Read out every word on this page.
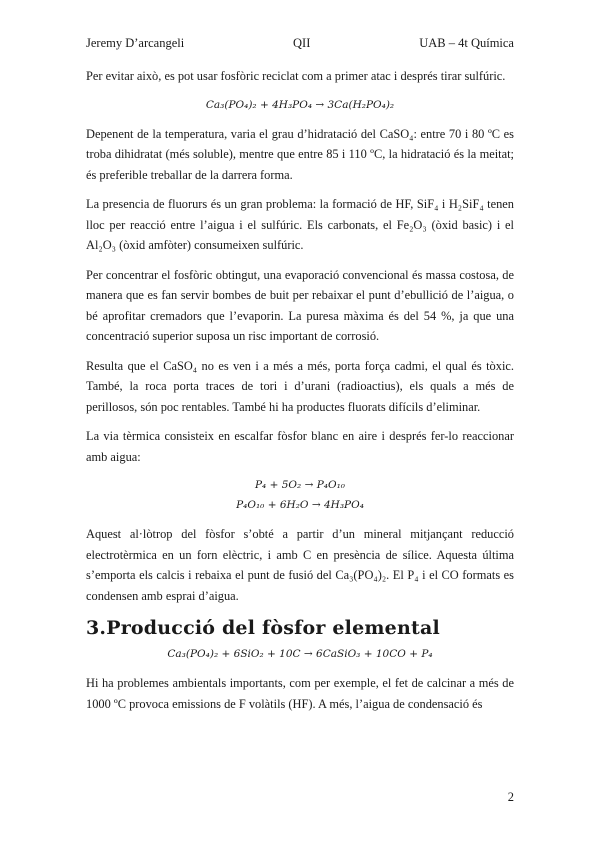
Jeremy D’arcangeli	QII	UAB – 4t Química

Per evitar això, es pot usar fosfòric reciclat com a primer atac i després tirar sulfúric.

Ca₃(PO₄)₂ + 4H₃PO₄ → 3Ca(H₂PO₄)₂

Depenent de la temperatura, varia el grau d’hidratació del CaSO₄: entre 70 i 80 ºC es troba dihidratat (més soluble), mentre que entre 85 i 110 ºC, la hidratació és la meitat; és preferible treballar de la darrera forma.

La presencia de fluorurs és un gran problema: la formació de HF, SiF₄ i H₂SiF₄ tenen lloc per reacció entre l’aigua i el sulfúric. Els carbonats, el Fe₂O₃ (òxid basic) i el Al₂O₃ (òxid amfòter) consumeixen sulfúric.

Per concentrar el fosfòric obtingut, una evaporació convencional és massa costosa, de manera que es fan servir bombes de buit per rebaixar el punt d’ebullició de l’aigua, o bé aprofitar cremadors que l’evaporin. La puresa màxima és del 54 %, ja que una concentració superior suposa un risc important de corrosió.

Resulta que el CaSO₄ no es ven i a més a més, porta força cadmi, el qual és tòxic. També, la roca porta traces de tori i d’urani (radioactius), els quals a més de perillosos, són poc rentables. També hi ha productes fluorats difícils d’eliminar.

La via tèrmica consisteix en escalfar fòsfor blanc en aire i després fer-lo reaccionar amb aigua:

P₄ + 5O₂ → P₄O₁₀
P₄O₁₀ + 6H₂O → 4H₃PO₄

Aquest al·lòtrop del fòsfor s’obté a partir d’un mineral mitjançant reducció electrotèrmica en un forn elèctric, i amb C en presència de sílice. Aquesta última s’emporta els calcis i rebaixa el punt de fusió del Ca₃(PO₄)₂. El P₄ i el CO formats es condensen amb esprai d’aigua.

3.Producció del fòsfor elemental
Ca₃(PO₄)₂ + 6SiO₂ + 10C → 6CaSiO₃ + 10CO + P₄

Hi ha problemes ambientals importants, com per exemple, el fet de calcinar a més de 1000 ºC provoca emissions de F volàtils (HF). A més, l’aigua de condensació és

2
